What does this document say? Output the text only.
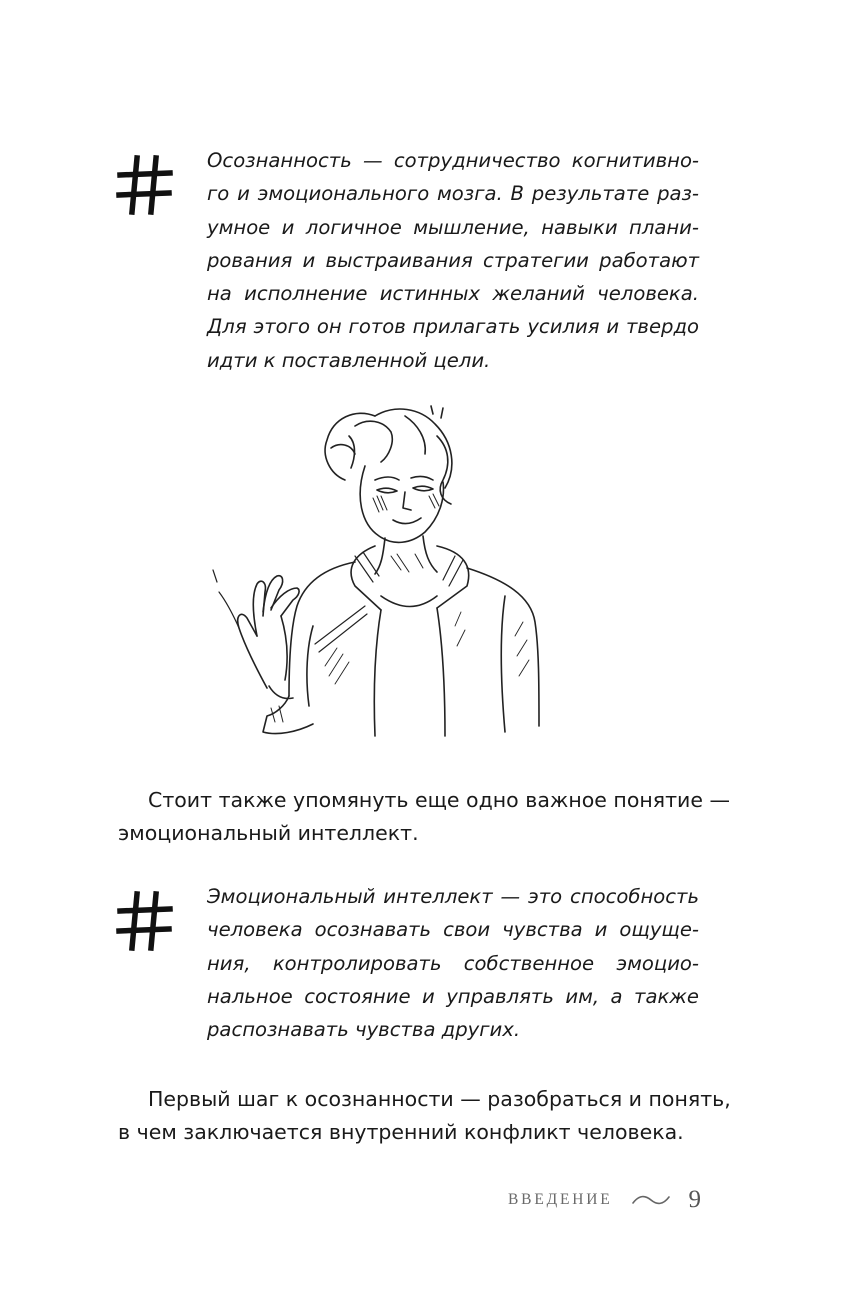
Осознанность — сотрудничество когнитивно-
го и эмоционального мозга. В результате раз-
умное и логичное мышление, навыки плани-
рования и выстраивания стратегии работают
на исполнение истинных желаний человека.
Для этого он готов прилагать усилия и твердо
идти к поставленной цели.

Стоит также упомянуть еще одно важное понятие —
эмоциональный интеллект.

Эмоциональный интеллект — это способность
человека осознавать свои чувства и ощуще-
ния, контролировать собственное эмоцио-
нальное состояние и управлять им, а также
распознавать чувства других.

Первый шаг к осознанности — разобраться и понять,
в чем заключается внутренний конфликт человека.
ВВЕДЕНИЕ	9
